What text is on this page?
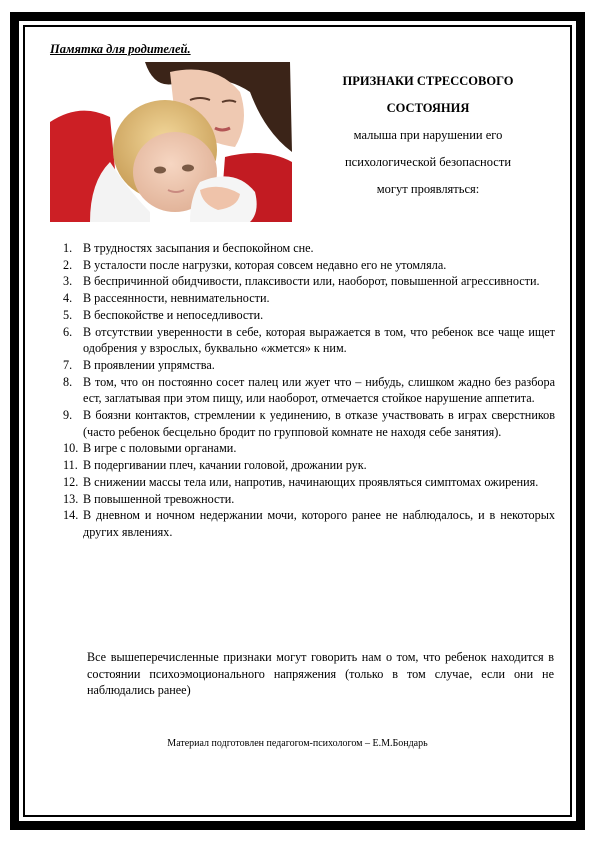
Памятка для родителей.
ПРИЗНАКИ СТРЕССОВОГО
СОСТОЯНИЯ
малыша при нарушении его
психологической безопасности
могут проявляться:
1. В трудностях засыпания и беспокойном сне.
2. В усталости после нагрузки, которая совсем недавно его не утомляла.
3. В беспричинной обидчивости, плаксивости или, наоборот, повышенной агрессивности.
4. В рассеянности, невнимательности.
5. В беспокойстве и непоседливости.
6. В отсутствии уверенности в себе, которая выражается в том, что ребенок все чаще ищет одобрения у взрослых, буквально «жмется» к ним.
7. В проявлении упрямства.
8. В том, что он постоянно сосет палец или жует что – нибудь, слишком жадно без разбора ест, заглатывая при этом пищу, или наоборот, отмечается стойкое нарушение аппетита.
9. В боязни контактов, стремлении к уединению, в отказе участвовать в играх сверстников (часто ребенок бесцельно бродит по групповой комнате не находя себе занятия).
10. В игре с половыми органами.
11. В подергивании плеч, качании головой, дрожании рук.
12. В снижении массы тела или, напротив, начинающих проявляться симптомах ожирения.
13. В повышенной тревожности.
14. В дневном и ночном недержании мочи, которого ранее не наблюдалось, и в некоторых других явлениях.

Все вышеперечисленные признаки могут говорить нам о том, что ребенок находится в состоянии психоэмоционального напряжения (только в том случае, если они не наблюдались ранее)

Материал подготовлен педагогом-психологом – Е.М.Бондарь
